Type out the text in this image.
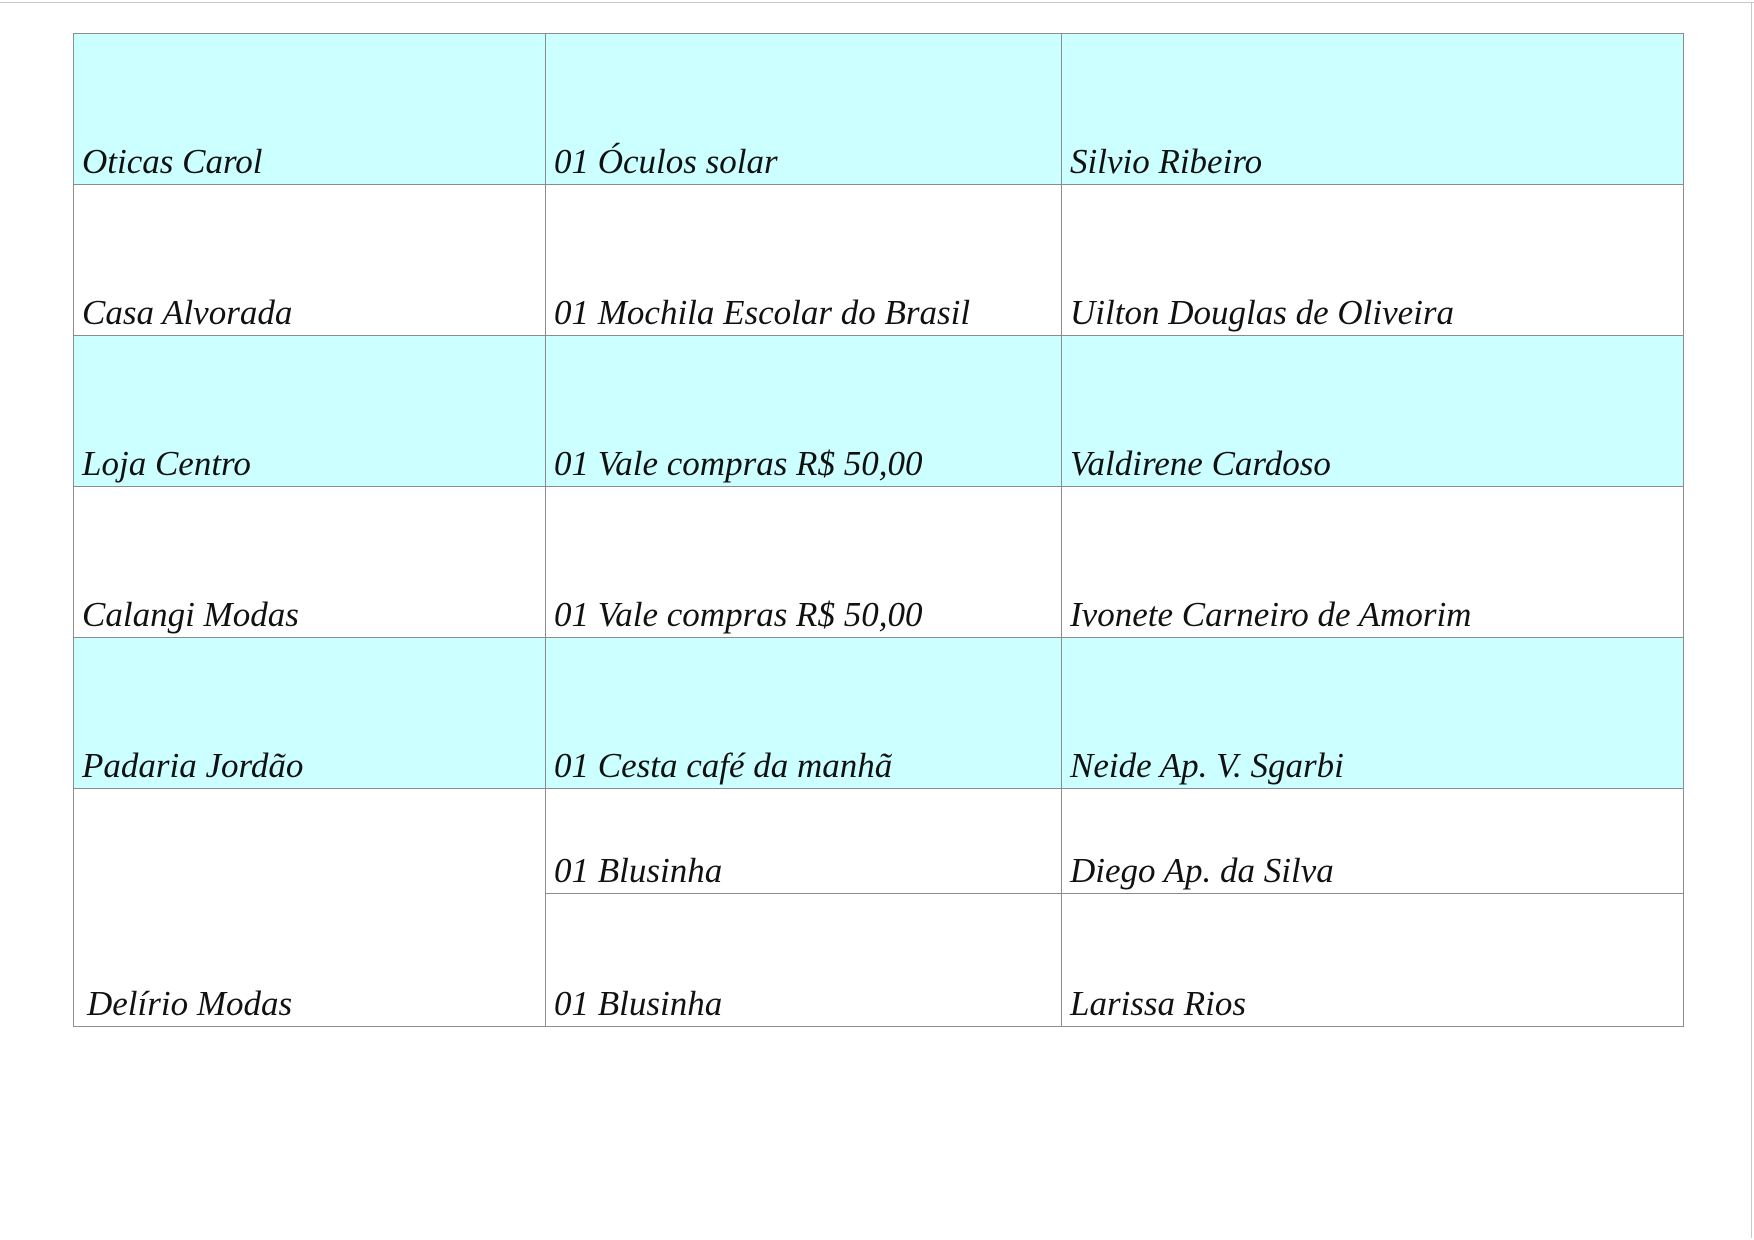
Oticas Carol	01 Óculos solar	Silvio Ribeiro
Casa Alvorada	01 Mochila Escolar do Brasil	Uilton Douglas de Oliveira
Loja Centro	01 Vale compras R$ 50,00	Valdirene Cardoso
Calangi Modas	01 Vale compras R$ 50,00	Ivonete Carneiro de Amorim
Padaria Jordão	01 Cesta café da manhã	Neide Ap. V. Sgarbi
Delírio Modas	01 Blusinha	Diego Ap. da Silva
	01 Blusinha	Larissa Rios
